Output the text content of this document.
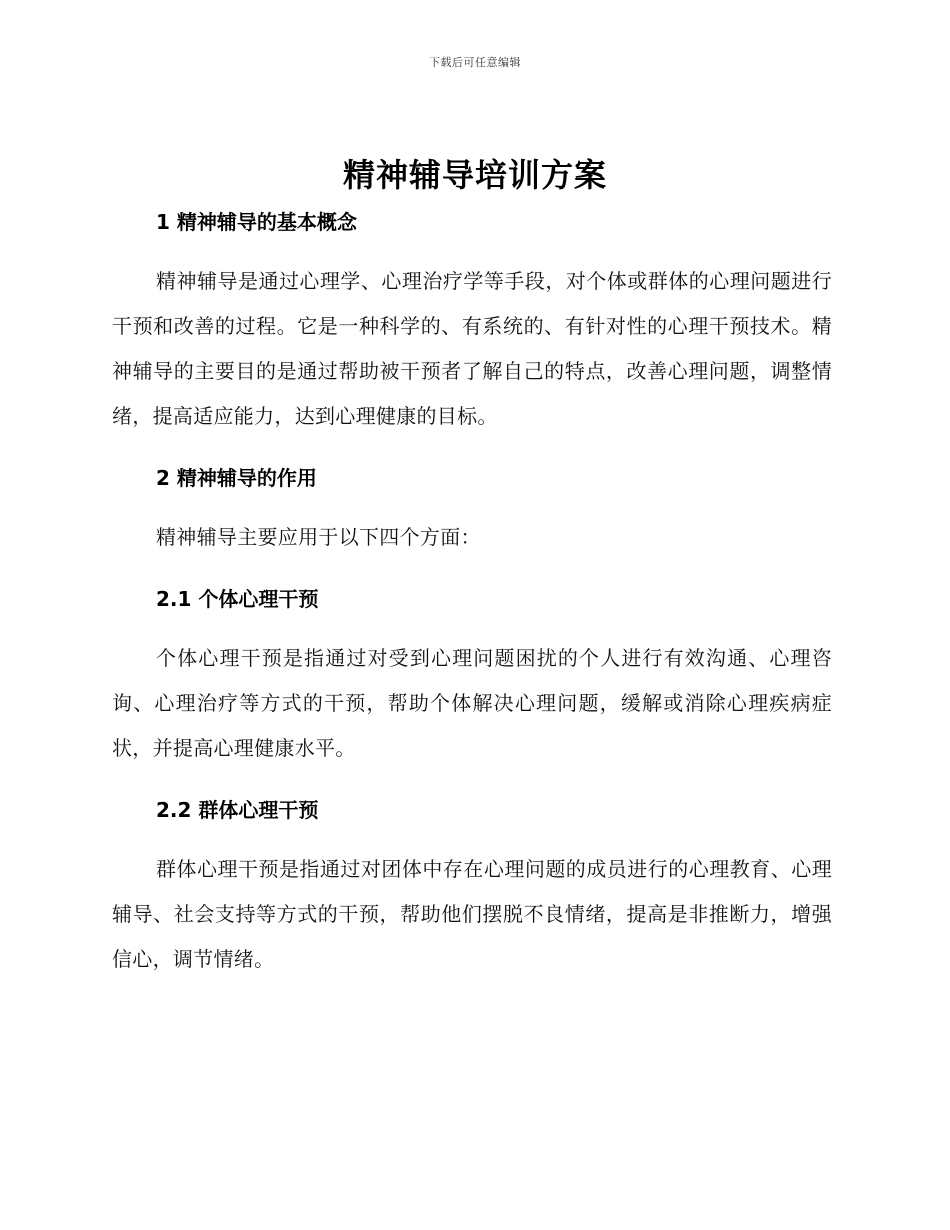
下载后可任意编辑
精神辅导培训方案
1 精神辅导的基本概念

精神辅导是通过心理学、心理治疗学等手段，对个体或群体的心理问题进行干预和改善的过程。它是一种科学的、有系统的、有针对性的心理干预技术。精神辅导的主要目的是通过帮助被干预者了解自己的特点，改善心理问题，调整情绪，提高适应能力，达到心理健康的目标。

2 精神辅导的作用

精神辅导主要应用于以下四个方面：

2.1 个体心理干预

个体心理干预是指通过对受到心理问题困扰的个人进行有效沟通、心理咨询、心理治疗等方式的干预，帮助个体解决心理问题，缓解或消除心理疾病症状，并提高心理健康水平。

2.2 群体心理干预

群体心理干预是指通过对团体中存在心理问题的成员进行的心理教育、心理辅导、社会支持等方式的干预，帮助他们摆脱不良情绪，提高是非推断力，增强信心，调节情绪。
